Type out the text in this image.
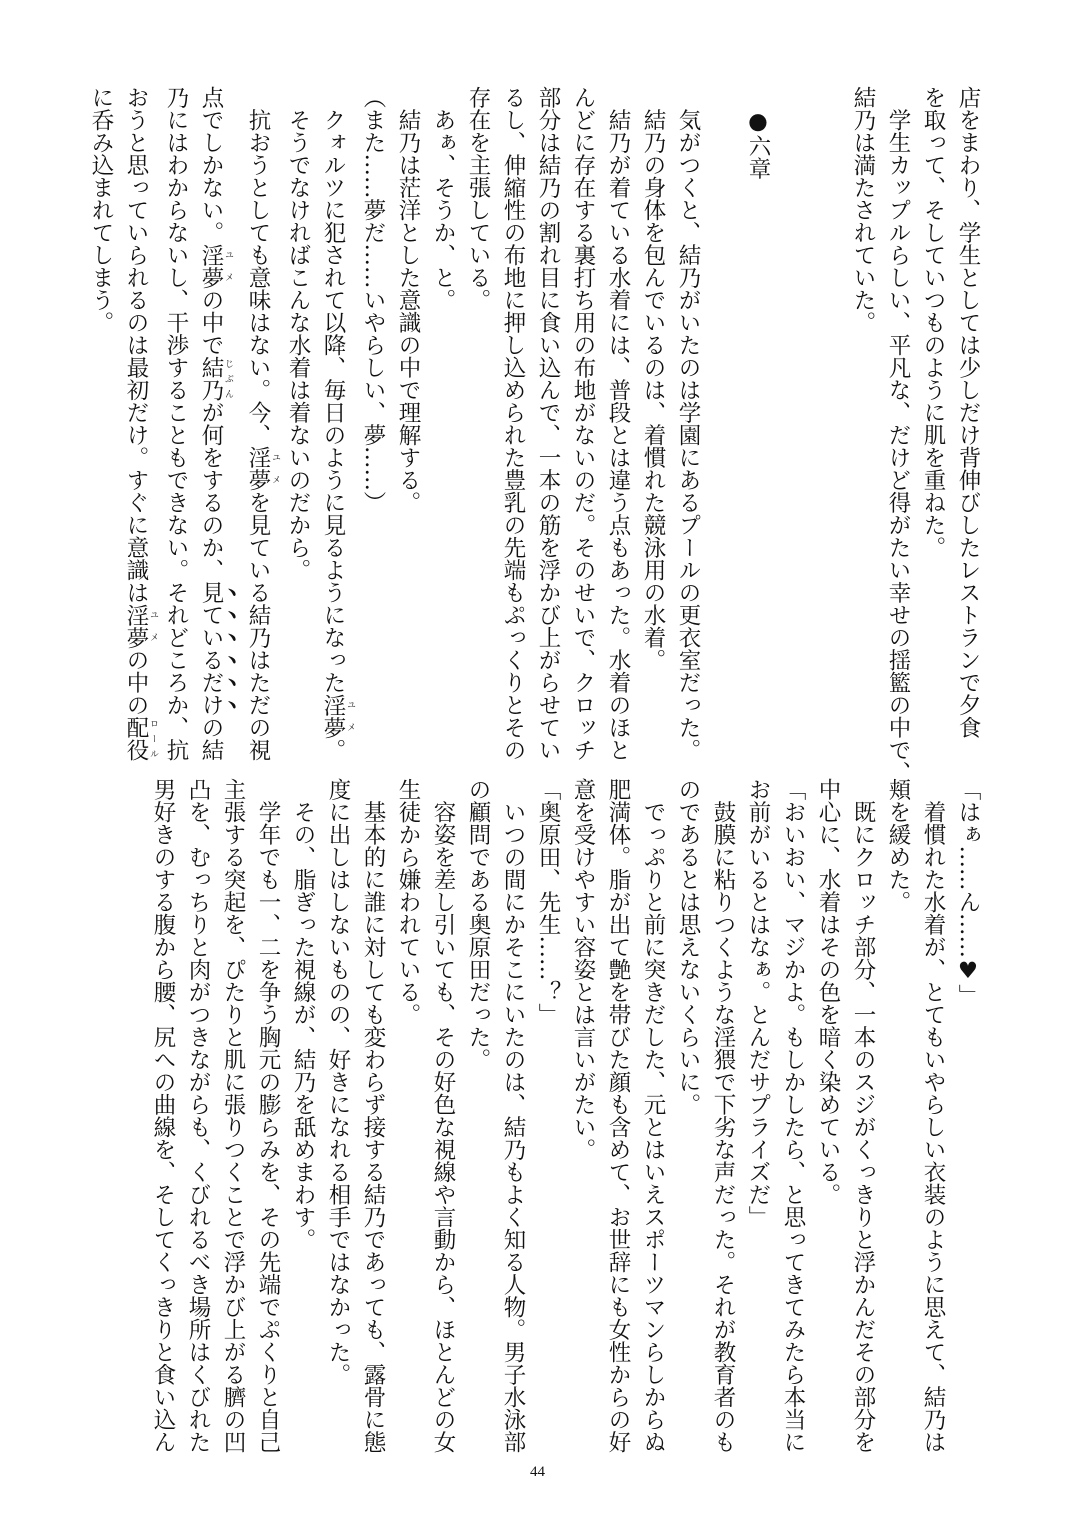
店をまわり、学生としては少しだけ背伸びしたレストランで夕食
を取って、そしていつものように肌を重ねた。
　学生カップルらしい、平凡な、だけど得がたい幸せの揺籃の中で、
結乃は満たされていた。
　●六章
　気がつくと、結乃がいたのは学園にあるプールの更衣室だった。
　結乃の身体を包んでいるのは、着慣れた競泳用の水着。
　結乃が着ている水着には、普段とは違う点もあった。水着のほと
んどに存在する裏打ち用の布地がないのだ。そのせいで、クロッチ
部分は結乃の割れ目に食い込んで、一本の筋を浮かび上がらせてい
るし、伸縮性の布地に押し込められた豊乳の先端もぷっくりとその
存在を主張している。
　あぁ、そうか、と。
　結乃は茫洋とした意識の中で理解する。
（また……夢だ……いやらしい、夢……）
　クォルツに犯されて以降、毎日のように見るようになった淫夢 ユメ。
　そうでなければこんな水着は着ないのだから。
　抗おうとしても意味はない。今、淫夢 ユメを見ている結乃はただの視
点でしかない。淫夢 ユメの中で結乃 じぶんが何をするのか、見ているだけの結
乃にはわからないし、干渉することもできない。それどころか、抗
おうと思っていられるのは最初だけ。すぐに意識は淫夢 ユメの中の配役 ロール
に呑み込まれてしまう。
「はぁ……ん……♥」
　着慣れた水着が、とてもいやらしい衣装のように思えて、結乃は
頬を緩めた。
　既にクロッチ部分、一本のスジがくっきりと浮かんだその部分を
中心に、水着はその色を暗く染めている。
「おいおい、マジかよ。もしかしたら、と思ってきてみたら本当に
お前がいるとはなぁ。とんだサプライズだ」
　鼓膜に粘りつくような淫猥で下劣な声だった。それが教育者のも
のであるとは思えないくらいに。
　でっぷりと前に突きだした、元とはいえスポーツマンらしからぬ
肥満体。脂が出て艶を帯びた顔も含めて、お世辞にも女性からの好
意を受けやすい容姿とは言いがたい。
「奥原田、先生……？」
　いつの間にかそこにいたのは、結乃もよく知る人物。男子水泳部
の顧問である奥原田だった。
　容姿を差し引いても、その好色な視線や言動から、ほとんどの女
生徒から嫌われている。
　基本的に誰に対しても変わらず接する結乃であっても、露骨に態
度に出しはしないものの、好きになれる相手ではなかった。
　その、脂ぎった視線が、結乃を舐めまわす。
　学年でも一、二を争う胸元の膨らみを、その先端でぷくりと自己
主張する突起を、ぴたりと肌に張りつくことで浮かび上がる臍の凹
凸を、むっちりと肉がつきながらも、くびれるべき場所はくびれた
男好きのする腹から腰、尻への曲線を、そしてくっきりと食い込ん
44
